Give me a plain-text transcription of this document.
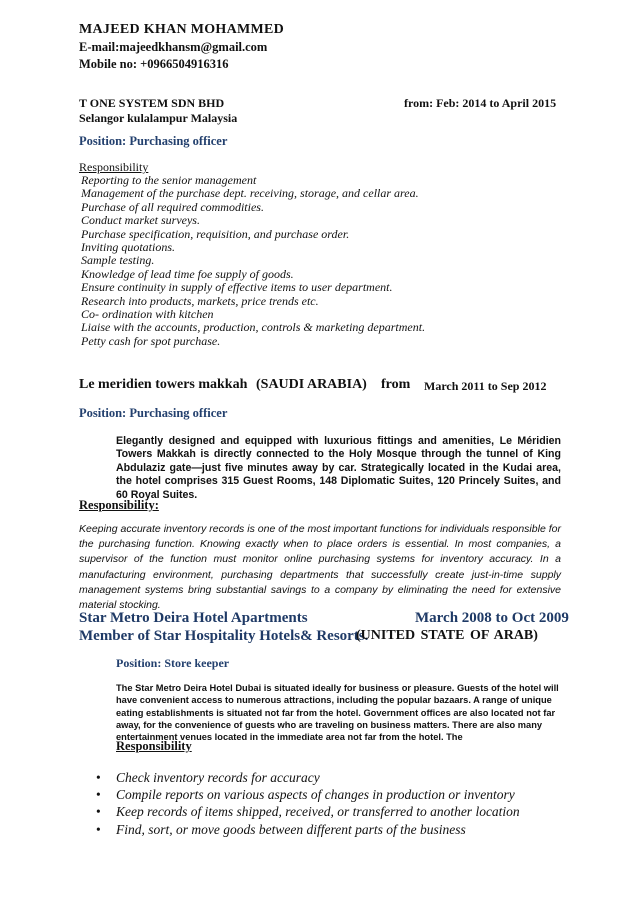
MAJEED KHAN MOHAMMED
E-mail:majeedkhansm@gmail.com
Mobile no: +0966504916316
T ONE SYSTEM SDN BHD	from: Feb: 2014 to April 2015
Selangor kulalampur Malaysia
Position: Purchasing officer
Responsibility
Reporting to the senior management
Management of the purchase dept. receiving, storage, and cellar area.
Purchase of all required commodities.
Conduct market surveys.
Purchase specification, requisition, and purchase order.
Inviting quotations.
Sample testing.
Knowledge of lead time foe supply of goods.
Ensure continuity in supply of effective items to user department.
Research into products, markets, price trends etc.
Co- ordination with kitchen
Liaise with the accounts, production, controls & marketing department.
Petty cash for spot purchase.
Le meridien towers makkah (SAUDI ARABIA) from March 2011 to Sep 2012
Position: Purchasing officer
Elegantly designed and equipped with luxurious fittings and amenities, Le Méridien Towers Makkah is directly connected to the Holy Mosque through the tunnel of King Abdulaziz gate—just five minutes away by car. Strategically located in the Kudai area, the hotel comprises 315 Guest Rooms, 148 Diplomatic Suites, 120 Princely Suites, and 60 Royal Suites.
Responsibility:
Keeping accurate inventory records is one of the most important functions for individuals responsible for the purchasing function. Knowing exactly when to place orders is essential. In most companies, a supervisor of the function must monitor online purchasing systems for inventory accuracy. In a manufacturing environment, purchasing departments that successfully create just-in-time supply management systems bring substantial savings to a company by eliminating the need for extensive material stocking.
Star Metro Deira Hotel Apartments	March 2008 to Oct 2009
Member of Star Hospitality Hotels& Resorts.
(UNITED STATE OF ARAB)
Position: Store keeper
The Star Metro Deira Hotel Dubai is situated ideally for business or pleasure. Guests of the hotel will have convenient access to numerous attractions, including the popular bazaars. A range of unique eating establishments is situated not far from the hotel. Government offices are also located not far away, for the convenience of guests who are traveling on business matters. There are also many entertainment venues located in the immediate area not far from the hotel. The
Responsibility
• Check inventory records for accuracy
• Compile reports on various aspects of changes in production or inventory
• Keep records of items shipped, received, or transferred to another location
• Find, sort, or move goods between different parts of the business
